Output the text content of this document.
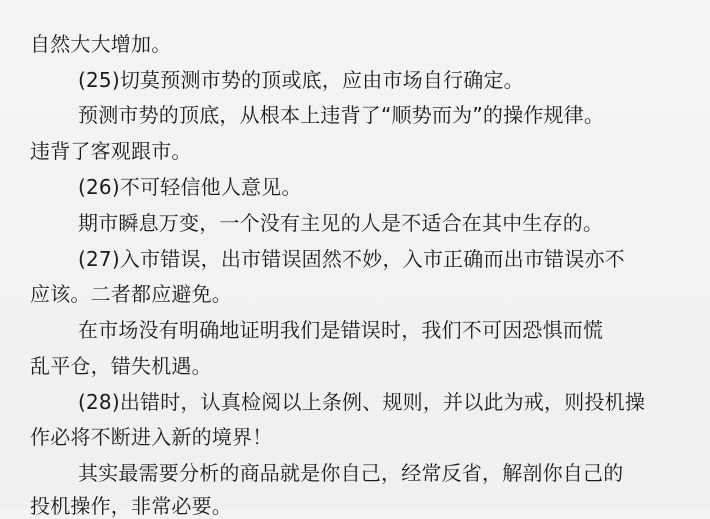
自然大大增加。
(25)切莫预测市势的顶或底，应由市场自行确定。
预测市势的顶底，从根本上违背了“顺势而为”的操作规律。
违背了客观跟市。
(26)不可轻信他人意见。
期市瞬息万变，一个没有主见的人是不适合在其中生存的。
(27)入市错误，出市错误固然不妙，入市正确而出市错误亦不
应该。二者都应避免。
在市场没有明确地证明我们是错误时，我们不可因恐惧而慌
乱平仓，错失机遇。
(28)出错时，认真检阅以上条例、规则，并以此为戒，则投机操
作必将不断进入新的境界！
其实最需要分析的商品就是你自己，经常反省，解剖你自己的
投机操作，非常必要。
